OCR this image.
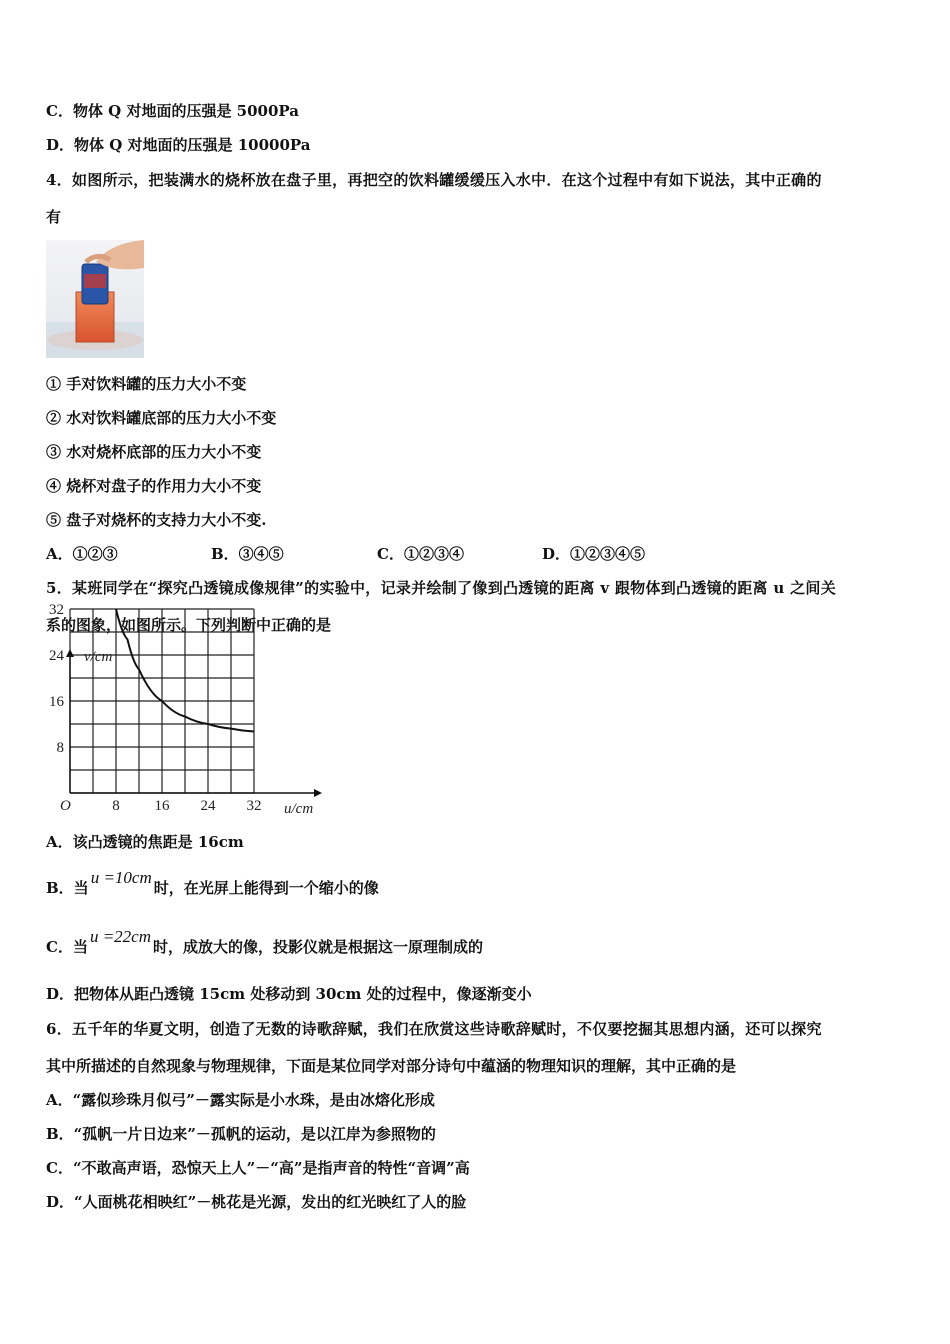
C．物体 Q 对地面的压强是 5000Pa
D．物体 Q 对地面的压强是 10000Pa
4．如图所示，把装满水的烧杯放在盘子里，再把空的饮料罐缓缓压入水中．在这个过程中有如下说法，其中正确的
有
① 手对饮料罐的压力大小不变
② 水对饮料罐底部的压力大小不变
③ 水对烧杯底部的压力大小不变
④ 烧杯对盘子的作用力大小不变
⑤ 盘子对烧杯的支持力大小不变.
A．①②③	B．③④⑤	C．①②③④	D．①②③④⑤
5．某班同学在“探究凸透镜成像规律”的实验中，记录并绘制了像到凸透镜的距离 v 跟物体到凸透镜的距离 u 之间关
系的图象，如图所示。下列判断中正确的是
8 16 24 32
8
16
24
32
v/cm
u/cm
O
A．该凸透镜的焦距是 16cm
B．当u =10cm时，在光屏上能得到一个缩小的像
C．当u =22cm时，成放大的像，投影仪就是根据这一原理制成的
D．把物体从距凸透镜 15cm 处移动到 30cm 处的过程中，像逐渐变小
6．五千年的华夏文明，创造了无数的诗歌辞赋，我们在欣赏这些诗歌辞赋时，不仅要挖掘其思想内涵，还可以探究
其中所描述的自然现象与物理规律，下面是某位同学对部分诗句中蕴涵的物理知识的理解，其中正确的是
A．“露似珍珠月似弓”－露实际是小水珠，是由冰熔化形成
B．“孤帆一片日边来”－孤帆的运动，是以江岸为参照物的
C．“不敢高声语，恐惊天上人”－“高”是指声音的特性“音调”高
D．“人面桃花相映红”－桃花是光源，发出的红光映红了人的脸
